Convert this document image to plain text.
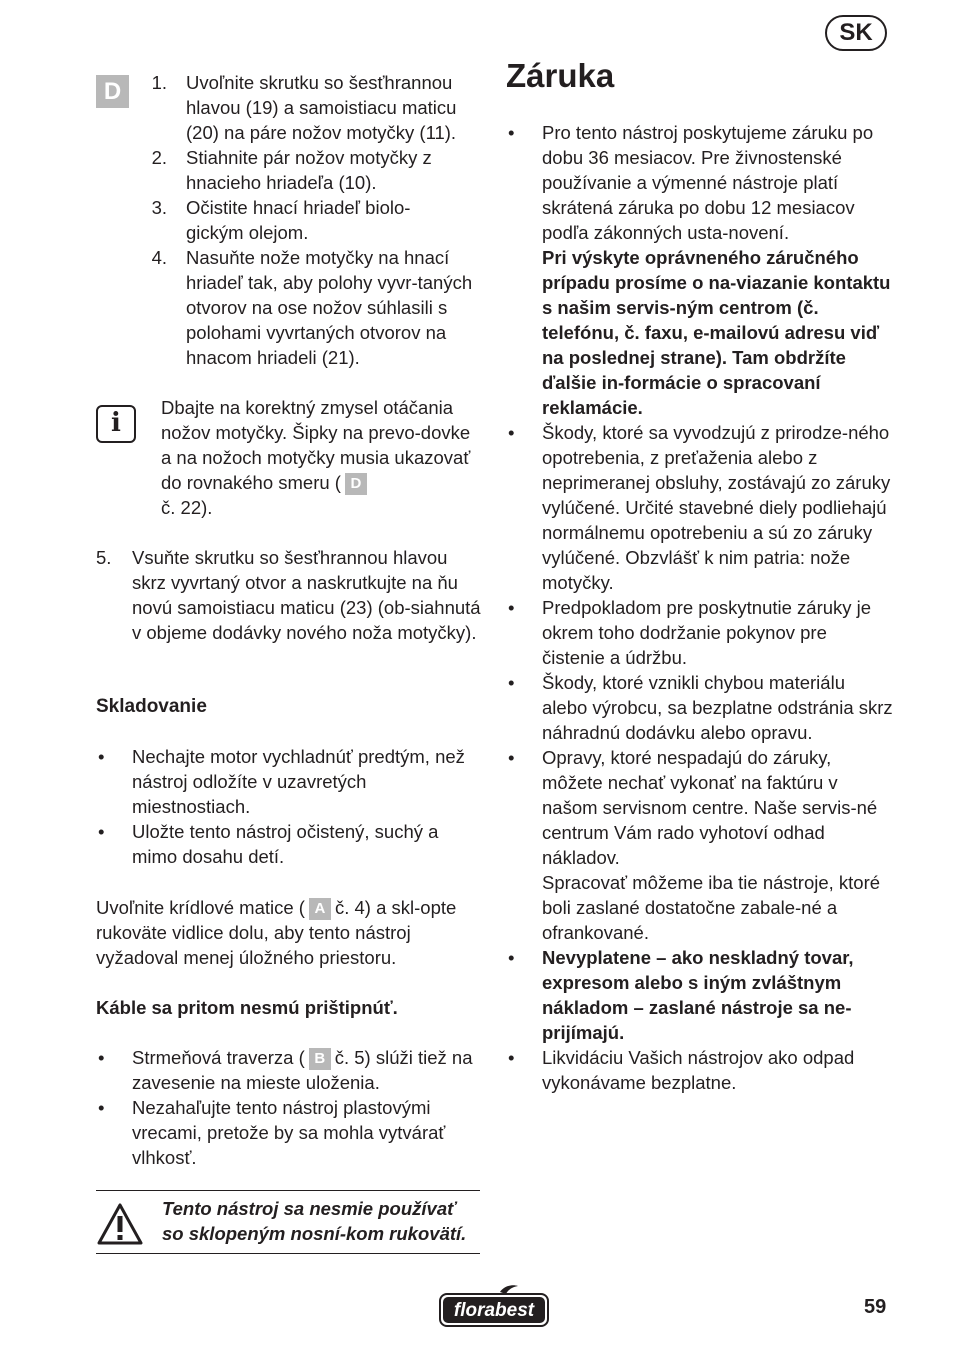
SK
Záruka
D	1.	Uvoľnite skrutku so šesťhrannou hlavou (19) a samoistiacu maticu (20) na páre nožov motyčky (11).
2.	Stiahnite pár nožov motyčky z hnacieho hriadeľa (10).
3.	Očistite hnací hriadeľ biolo-gickým olejom.
4.	Nasuňte nože motyčky na hnací hriadeľ tak, aby polohy vyvr-taných otvorov na ose nožov súhlasili s polohami vyvrtaných otvorov na hnacom hriadeli (21).
i
Dbajte na korektný zmysel otáčania nožov motyčky. Šipky na prevo-dovke a na nožoch motyčky musia ukazovať do rovnakého smeru ( D
č. 22).
5.	Vsuňte skrutku so šesťhrannou hlavou skrz vyvrtaný otvor a naskrutkujte na ňu novú samoistiacu maticu (23) (ob-siahnutá v objeme dodávky nového noža motyčky).
Skladovanie
•	Nechajte motor vychladnúť predtým, než nástroj odložíte v uzavretých miestnostiach.
•	Uložte tento nástroj očistený, suchý a mimo dosahu detí.
Uvoľnite krídlové matice ( A č. 4) a skl-opte rukoväte vidlice dolu, aby tento nástroj vyžadoval menej úložného priestoru.
Káble sa pritom nesmú prištipnúť.
•	Strmeňová traverza ( B č. 5) slúži tiež na zavesenie na mieste uloženia.
•	Nezahaľujte tento nástroj plastovými vrecami, pretože by sa mohla vytvárať vlhkosť.
Tento nástroj sa nesmie používať so sklopeným nosní-kom rukovätí.
•	Pro tento nástroj poskytujeme záruku po dobu 36 mesiacov. Pre živnostenské používanie a výmenné nástroje platí skrátená záruka po dobu 12 mesiacov podľa zákonných usta-novení.
Pri výskyte oprávneného záručného prípadu prosíme o na-viazanie kontaktu s našim servis-ným centrom (č. telefónu, č. faxu, e-mailovú adresu viď na poslednej strane). Tam obdržíte ďalšie in-formácie o spracovaní reklamácie.
•	Škody, ktoré sa vyvodzujú z prirodze-ného opotrebenia, z preťaženia alebo z neprimeranej obsluhy, zostávajú zo záruky vylúčené. Určité stavebné diely podliehajú normálnemu opotrebeniu a sú zo záruky vylúčené. Obzvlášť k nim patria: nože motyčky.
•	Predpokladom pre poskytnutie záruky je okrem toho dodržanie pokynov pre čistenie a údržbu.
•	Škody, ktoré vznikli chybou materiálu alebo výrobcu, sa bezplatne odstránia skrz náhradnú dodávku alebo opravu.
•	Opravy, ktoré nespadajú do záruky, môžete nechať vykonať na faktúru v našom servisnom centre. Naše servis-né centrum Vám rado vyhotoví odhad nákladov.
Spracovať môžeme iba tie nástroje, ktoré boli zaslané dostatočne zabale-né a ofrankované.
•	Nevyplatene – ako neskladný tovar, expresom alebo s iným zvláštnym nákladom – zaslané nástroje sa ne-prijímajú.
•	Likvidáciu Vašich nástrojov ako odpad vykonávame bezplatne.
florabest	59
